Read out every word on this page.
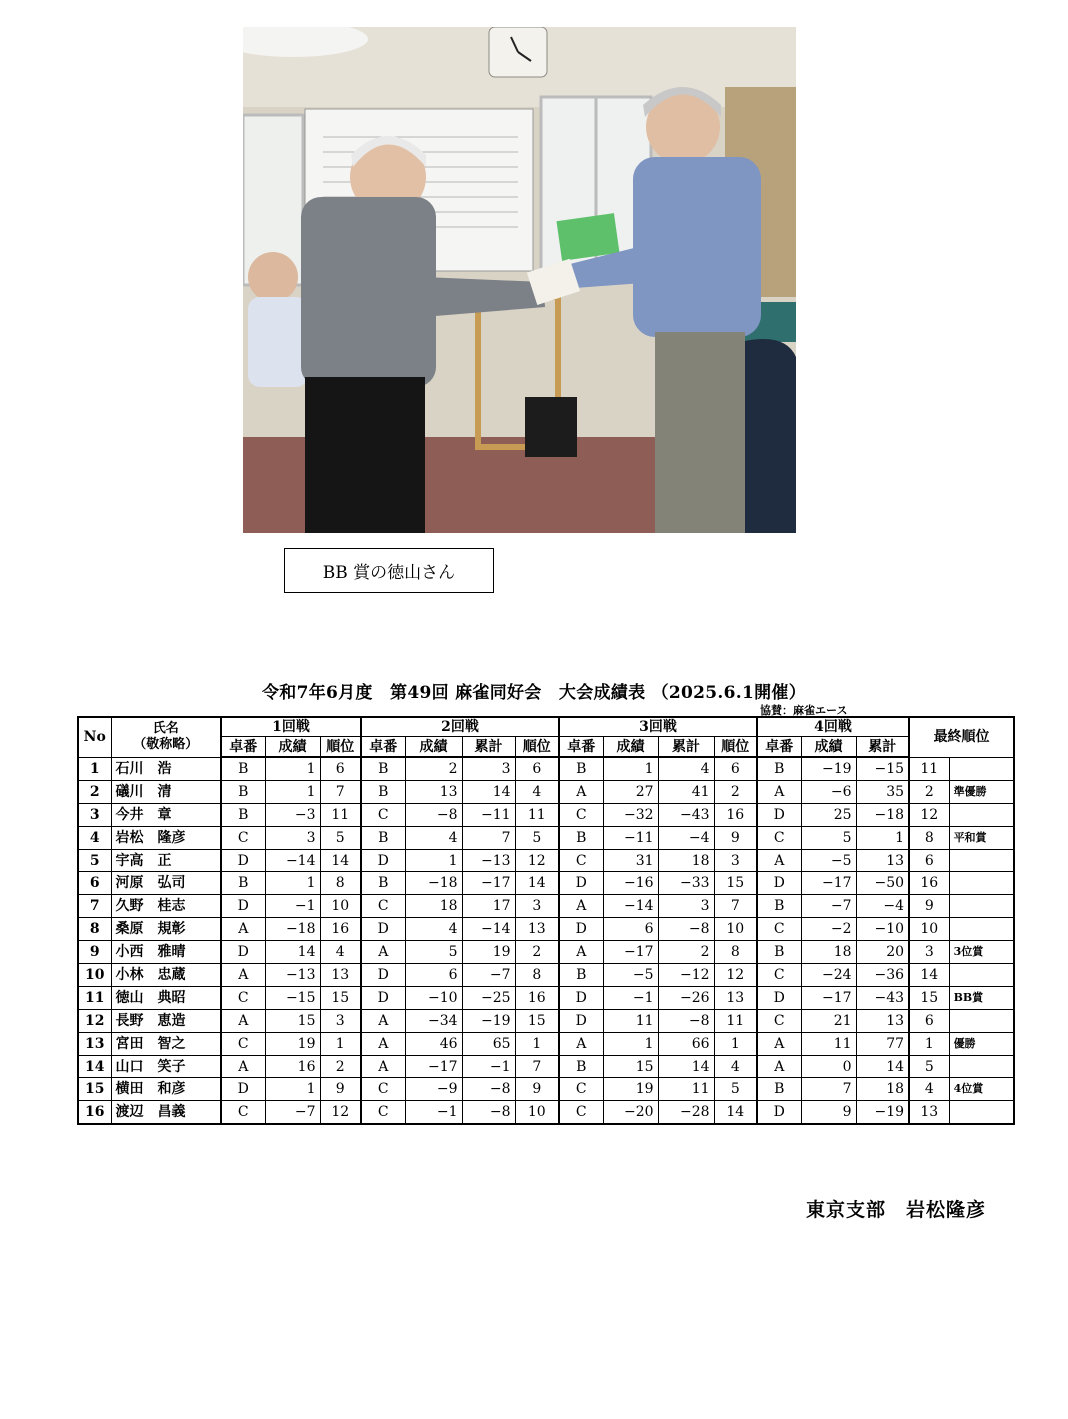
BB 賞の徳山さん
令和7年6月度　第49回 麻雀同好会　大会成績表 （2025.6.1開催）
協賛：麻雀エース
No	氏名
（敬称略）	1回戦			2回戦				3回戦				4回戦			最終順位	
		卓番	成績	順位	卓番	成績	累計	順位	卓番	成績	累計	順位	卓番	成績	累計		
1	石川　浩	B	1	6	B	2	3	6	B	1	4	6	B	−19	−15	11	
2	礒川　清	B	1	7	B	13	14	4	A	27	41	2	A	−6	35	2	準優勝
3	今井　章	B	−3	11	C	−8	−11	11	C	−32	−43	16	D	25	−18	12	
4	岩松　隆彦	C	3	5	B	4	7	5	B	−11	−4	9	C	5	1	8	平和賞
5	宇高　正	D	−14	14	D	1	−13	12	C	31	18	3	A	−5	13	6	
6	河原　弘司	B	1	8	B	−18	−17	14	D	−16	−33	15	D	−17	−50	16	
7	久野　桂志	D	−1	10	C	18	17	3	A	−14	3	7	B	−7	−4	9	
8	桑原　規彰	A	−18	16	D	4	−14	13	D	6	−8	10	C	−2	−10	10	
9	小西　雅晴	D	14	4	A	5	19	2	A	−17	2	8	B	18	20	3	3位賞
10	小林　忠蔵	A	−13	13	D	6	−7	8	B	−5	−12	12	C	−24	−36	14	
11	徳山　典昭	C	−15	15	D	−10	−25	16	D	−1	−26	13	D	−17	−43	15	BB賞
12	長野　恵造	A	15	3	A	−34	−19	15	D	11	−8	11	C	21	13	6	
13	宮田　智之	C	19	1	A	46	65	1	A	1	66	1	A	11	77	1	優勝
14	山口　笑子	A	16	2	A	−17	−1	7	B	15	14	4	A	0	14	5	
15	横田　和彦	D	1	9	C	−9	−8	9	C	19	11	5	B	7	18	4	4位賞
16	渡辺　昌義	C	−7	12	C	−1	−8	10	C	−20	−28	14	D	9	−19	13	
東京支部　岩松隆彦
